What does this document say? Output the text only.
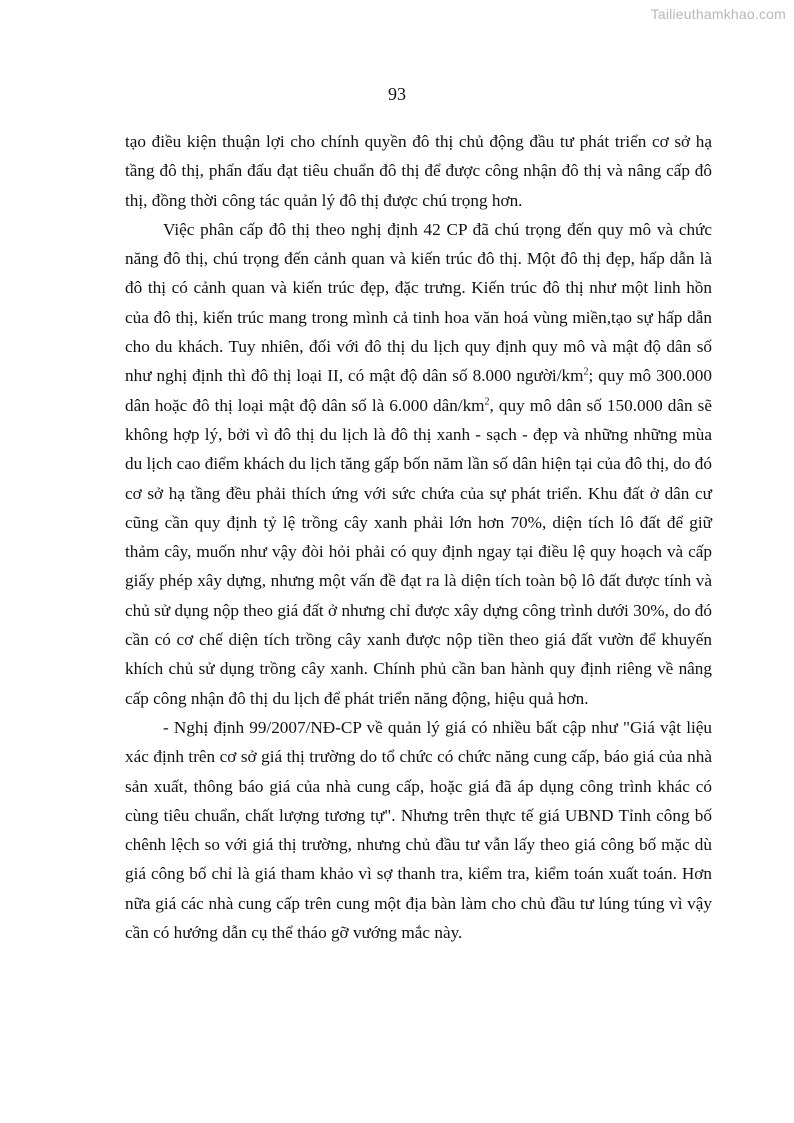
Tailieuthamkhao.com
93

tạo điều kiện thuận lợi cho chính quyền đô thị chủ động đầu tư phát triển cơ sở hạ tầng đô thị, phấn đấu đạt tiêu chuẩn đô thị để được công nhận đô thị và nâng cấp đô thị, đồng thời công tác quản lý đô thị được chú trọng hơn.

Việc phân cấp đô thị theo nghị định 42 CP đã chú trọng đến quy mô và chức năng đô thị, chú trọng đến cảnh quan và kiến trúc đô thị. Một đô thị đẹp, hấp dẫn là đô thị có cảnh quan và kiến trúc đẹp, đặc trưng. Kiến trúc đô thị như một linh hồn của đô thị, kiến trúc mang trong mình cả tinh hoa văn hoá vùng miền,tạo sự hấp dẫn cho du khách. Tuy nhiên, đối với đô thị du lịch quy định quy mô và mật độ dân số như nghị định thì đô thị loại II, có mật độ dân số 8.000 người/$km^2$; quy mô 300.000 dân hoặc đô thị loại mật độ dân số là 6.000 dân/$km^2$, quy mô dân số 150.000 dân sẽ không hợp lý, bởi vì đô thị du lịch là đô thị xanh - sạch - đẹp và những những mùa du lịch cao điểm khách du lịch tăng gấp bốn năm lần số dân hiện tại của đô thị, do đó cơ sở hạ tầng đều phải thích ứng với sức chứa của sự phát triển. Khu đất ở dân cư cũng cần quy định tỷ lệ trồng cây xanh phải lớn hơn 70%, diện tích lô đất để giữ thảm cây, muốn như vậy đòi hỏi phải có quy định ngay tại điều lệ quy hoạch và cấp giấy phép xây dựng, nhưng một vấn đề đạt ra là diện tích toàn bộ lô đất được tính và chủ sử dụng nộp theo giá đất ở nhưng chỉ được xây dựng công trình dưới 30%, do đó cần có cơ chế diện tích trồng cây xanh được nộp tiền theo giá đất vườn để khuyến khích chủ sử dụng trồng cây xanh. Chính phủ cần ban hành quy định riêng về nâng cấp công nhận đô thị du lịch để phát triển năng động, hiệu quả hơn.

- Nghị định 99/2007/NĐ-CP về quản lý giá có nhiều bất cập như "Giá vật liệu xác định trên cơ sở giá thị trường do tổ chức có chức năng cung cấp, báo giá của nhà sản xuất, thông báo giá của nhà cung cấp, hoặc giá đã áp dụng công trình khác có cùng tiêu chuẩn, chất lượng tương tự". Nhưng trên thực tế giá UBND Tỉnh công bố chênh lệch so với giá thị trường, nhưng chủ đầu tư vẫn lấy theo giá công bố mặc dù giá công bố chỉ là giá tham khảo vì sợ thanh tra, kiểm tra, kiểm toán xuất toán. Hơn nữa giá các nhà cung cấp trên cung một địa bàn làm cho chủ đầu tư lúng túng vì vậy cần có hướng dẫn cụ thể tháo gỡ vướng mắc này.
